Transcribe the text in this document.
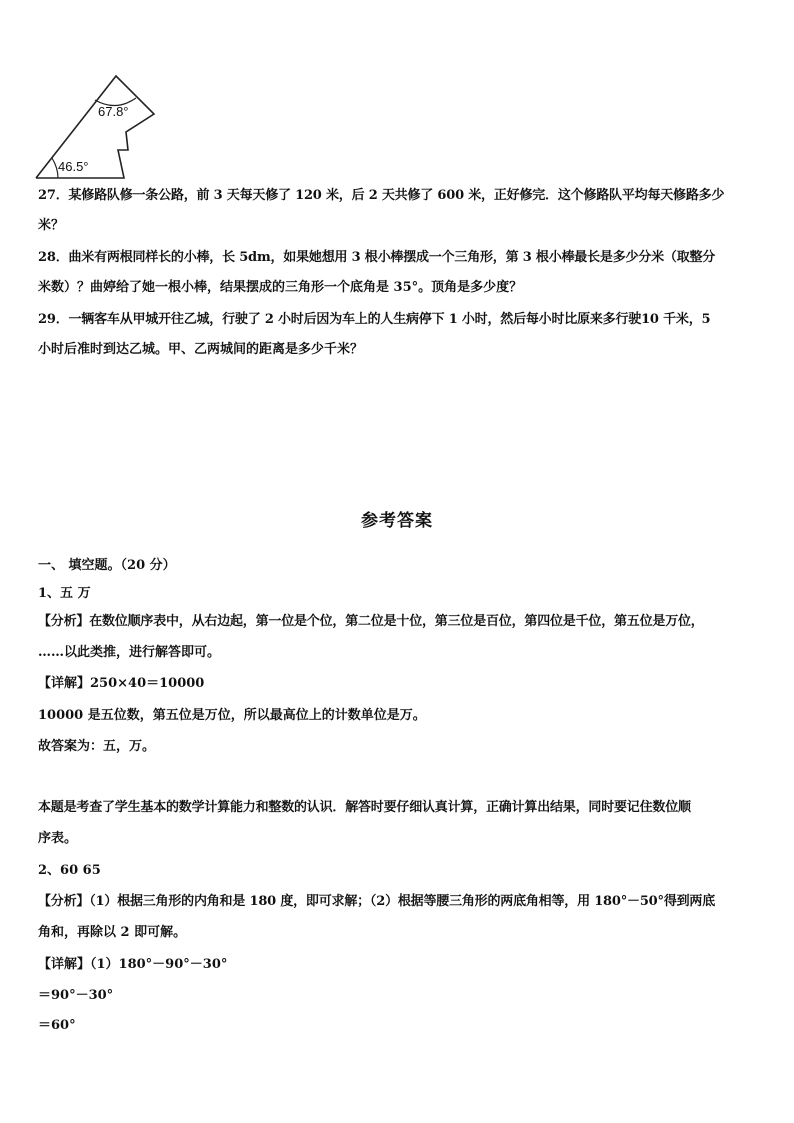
67.8°
46.5°
27．某修路队修一条公路，前 3 天每天修了 120 米，后 2 天共修了 600 米，正好修完．这个修路队平均每天修路多少
米？
28．曲米有两根同样长的小棒，长 5dm，如果她想用 3 根小棒摆成一个三角形，第 3 根小棒最长是多少分米（取整分
米数）？曲婷给了她一根小棒，结果摆成的三角形一个底角是 35°。顶角是多少度？
29．一辆客车从甲城开往乙城，行驶了 2 小时后因为车上的人生病停下 1 小时，然后每小时比原来多行驶10 千米，5
小时后准时到达乙城。甲、乙两城间的距离是多少千米？
参考答案
一、 填空题。（20 分）
1、五 万
【分析】在数位顺序表中，从右边起，第一位是个位，第二位是十位，第三位是百位，第四位是千位，第五位是万位，
……以此类推，进行解答即可。
【详解】250×40＝10000
10000 是五位数，第五位是万位，所以最高位上的计数单位是万。
故答案为：五，万。
本题是考查了学生基本的数学计算能力和整数的认识．解答时要仔细认真计算，正确计算出结果，同时要记住数位顺
序表。
2、60 65
【分析】（1）根据三角形的内角和是 180 度，即可求解；（2）根据等腰三角形的两底角相等，用 180°－50°得到两底
角和，再除以 2 即可解。
【详解】（1）180°－90°－30°
＝90°－30°
＝60°
